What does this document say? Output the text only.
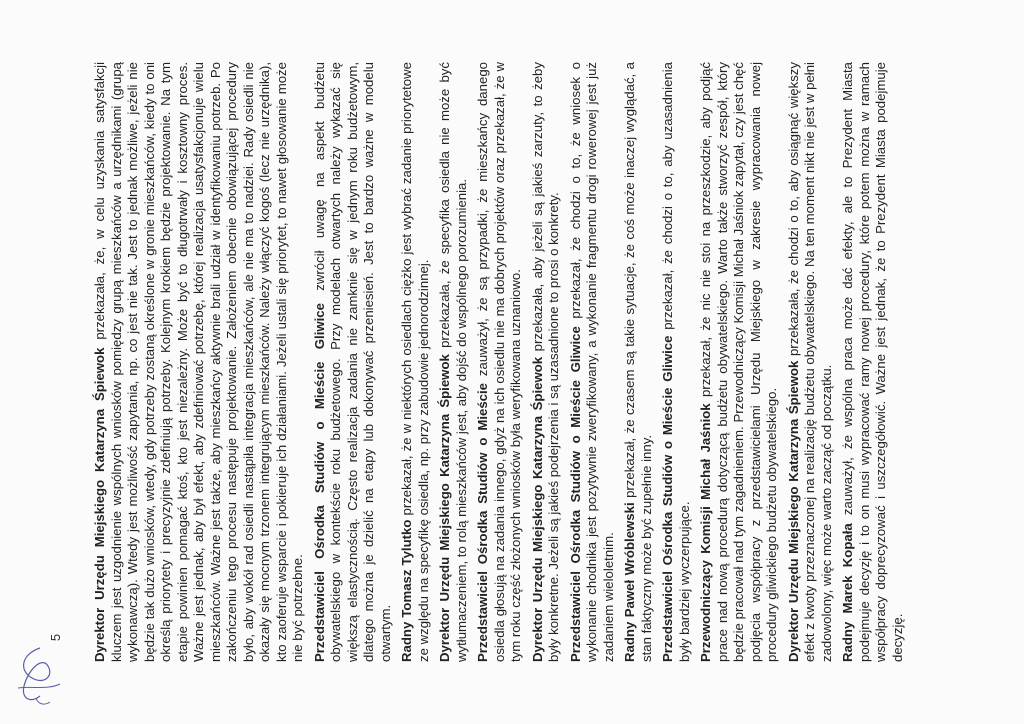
Dyrektor Urzędu Miejskiego Katarzyna Śpiewok przekazała, że, w celu uzyskania satysfakcji kluczem jest uzgodnienie wspólnych wniosków pomiędzy grupą mieszkańców a urzędnikami (grupą wykonawczą). Wtedy jest możliwość zapytania, np. co jest nie tak. Jest to jednak możliwe, jeżeli nie będzie tak dużo wniosków, wtedy, gdy potrzeby zostaną określone w gronie mieszkańców, kiedy to oni określą priorytety i precyzyjnie zdefiniują potrzeby. Kolejnym krokiem będzie projektowanie. Na tym etapie powinien pomagać ktoś, kto jest niezależny. Może być to długotrwały i kosztowny proces. Ważne jest jednak, aby był efekt, aby zdefiniować potrzebę, której realizacja usatysfakcjonuje wielu mieszkańców. Ważne jest także, aby mieszkańcy aktywnie brali udział w identyfikowaniu potrzeb. Po zakończeniu tego procesu następuje projektowanie. Założeniem obecnie obowiązującej procedury było, aby wokół rad osiedli nastąpiła integracja mieszkańców, ale nie ma to nadziei. Rady osiedli nie okazały się mocnym trzonem integrującym mieszkańców. Należy włączyć kogoś (lecz nie urzędnika), kto zaoferuje wsparcie i pokieruje ich działaniami. Jeżeli ustali się priorytet, to nawet głosowanie może nie być potrzebne. Przedstawiciel Ośrodka Studiów o Mieście Gliwice zwrócił uwagę na aspekt budżetu obywatelskiego w kontekście roku budżetowego. Przy modelach otwartych należy wykazać się większą elastycznością. Często realizacja zadania nie zamknie się w jednym roku budżetowym, dlatego można je dzielić na etapy lub dokonywać przeniesień. Jest to bardzo ważne w modelu otwartym. Radny Tomasz Tylutko przekazał, że w niektórych osiedlach ciężko jest wybrać zadanie priorytetowe ze względu na specyfikę osiedla, np. przy zabudowie jednorodzinnej. Dyrektor Urzędu Miejskiego Katarzyna Śpiewok przekazała, że specyfika osiedla nie może być wytłumaczeniem, to rolą mieszkańców jest, aby dojść do wspólnego porozumienia. Przedstawiciel Ośrodka Studiów o Mieście zauważył, że są przypadki, że mieszkańcy danego osiedla głosują na zadania innego, gdyż na ich osiedlu nie ma dobrych projektów oraz przekazał, że w tym roku część złożonych wniosków była weryfikowana uznaniowo. Dyrektor Urzędu Miejskiego Katarzyna Śpiewok przekazała, aby jeżeli są jakieś zarzuty, to żeby były konkretne. Jeżeli są jakieś podejrzenia i są uzasadnione to prosi o konkrety. Przedstawiciel Ośrodka Studiów o Mieście Gliwice przekazał, że chodzi o to, że wniosek o wykonanie chodnika jest pozytywnie zweryfikowany, a wykonanie fragmentu drogi rowerowej jest już zadaniem wieloletnim. Radny Paweł Wróblewski przekazał, że czasem są takie sytuacje, że coś może inaczej wyglądać, a stan faktyczny może być zupełnie inny. Przedstawiciel Ośrodka Studiów o Mieście Gliwice przekazał, że chodzi o to, aby uzasadnienia były bardziej wyczerpujące. Przewodniczący Komisji Michał Jaśniok przekazał, że nic nie stoi na przeszkodzie, aby podjąć prace nad nową procedurą dotyczącą budżetu obywatelskiego. Warto także stworzyć zespół, który będzie pracował nad tym zagadnieniem. Przewodniczący Komisji Michał Jaśniok zapytał, czy jest chęć podjęcia współpracy z przedstawicielami Urzędu Miejskiego w zakresie wypracowania nowej procedury gliwickiego budżetu obywatelskiego. Dyrektor Urzędu Miejskiego Katarzyna Śpiewok przekazała, że chodzi o to, aby osiągnąć większy efekt z kwoty przeznaczonej na realizację budżetu obywatelskiego. Na ten moment nikt nie jest w pełni zadowolony, więc może warto zacząć od początku. Radny Marek Kopała zauważył, że wspólna praca może dać efekty, ale to Prezydent Miasta podejmuje decyzję i to on musi wypracować ramy nowej procedury, które potem można w ramach współpracy doprecyzować i uszczegółowić. Ważne jest jednak, że to Prezydent Miasta podejmuje decyzję.

5
